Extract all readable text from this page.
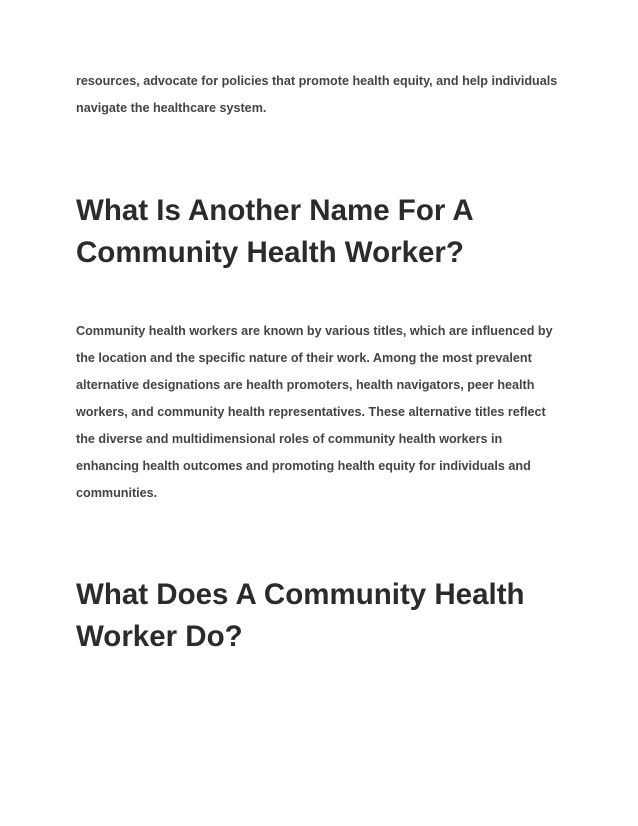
resources, advocate for policies that promote health equity, and help individuals
navigate the healthcare system.

What Is Another Name For A
Community Health Worker?

Community health workers are known by various titles, which are influenced by
the location and the specific nature of their work. Among the most prevalent
alternative designations are health promoters, health navigators, peer health
workers, and community health representatives. These alternative titles reflect
the diverse and multidimensional roles of community health workers in
enhancing health outcomes and promoting health equity for individuals and
communities.

What Does A Community Health
Worker Do?
